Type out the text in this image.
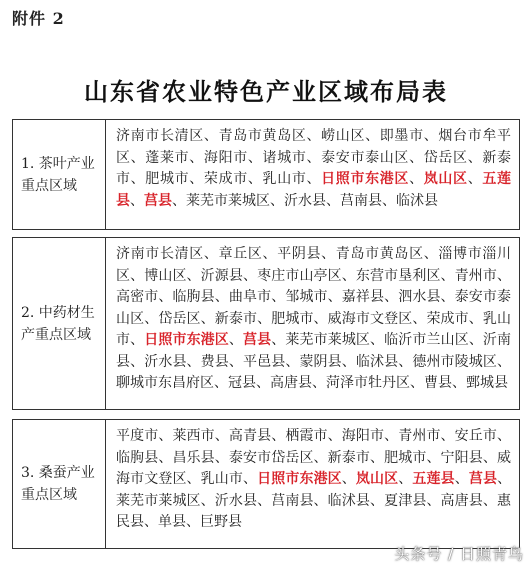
附件 2
山东省农业特色产业区域布局表
1. 茶叶产业重点区域
济南市长清区、青岛市黄岛区、崂山区、即墨市、烟台市牟平区、蓬莱市、海阳市、诸城市、泰安市泰山区、岱岳区、新泰市、肥城市、荣成市、乳山市、日照市东港区、岚山区、五莲县、莒县、莱芜市莱城区、沂水县、莒南县、临沭县
2. 中药材生产重点区域
济南市长清区、章丘区、平阴县、青岛市黄岛区、淄博市淄川区、博山区、沂源县、枣庄市山亭区、东营市垦利区、青州市、高密市、临朐县、曲阜市、邹城市、嘉祥县、泗水县、泰安市泰山区、岱岳区、新泰市、肥城市、威海市文登区、荣成市、乳山市、日照市东港区、莒县、莱芜市莱城区、临沂市兰山区、沂南县、沂水县、费县、平邑县、蒙阴县、临沭县、德州市陵城区、聊城市东昌府区、冠县、高唐县、菏泽市牡丹区、曹县、鄄城县
3. 桑蚕产业重点区域
平度市、莱西市、高青县、栖霞市、海阳市、青州市、安丘市、临朐县、昌乐县、泰安市岱岳区、新泰市、肥城市、宁阳县、威海市文登区、乳山市、日照市东港区、岚山区、五莲县、莒县、莱芜市莱城区、沂水县、莒南县、临沭县、夏津县、高唐县、惠民县、单县、巨野县
头条号 / 日照青鸟
